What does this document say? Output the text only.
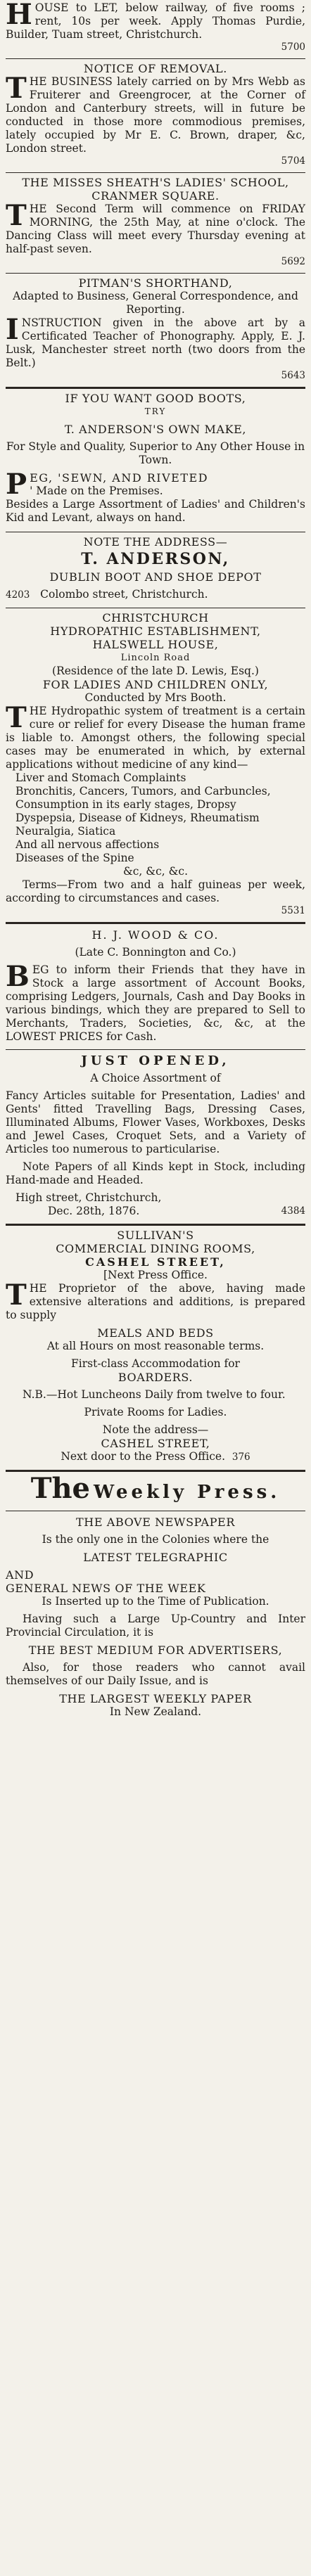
H OUSE to LET, below railway, of five rooms ; rent, 10s per week. Apply Thomas Purdie, Builder, Tuam street, Christchurch.

5700

NOTICE OF REMOVAL.

T HE BUSINESS lately carried on by Mrs Webb as Fruiterer and Greengrocer, at the Corner of London and Canterbury streets, will in future be conducted in those more commodious premises, lately occupied by Mr E. C. Brown, draper, &c, London street.

5704

THE MISSES SHEATH'S LADIES' SCHOOL, CRANMER SQUARE.

T HE Second Term will commence on FRIDAY MORNING, the 25th May, at nine o'clock. The Dancing Class will meet every Thursday evening at half-past seven.

5692

PITMAN'S SHORTHAND,

Adapted to Business, General Correspondence, and Reporting.

I NSTRUCTION given in the above art by a Certificated Teacher of Phonography. Apply, E. J. Lusk, Manchester street north (two doors from the Belt.)

5643

IF YOU WANT GOOD BOOTS,

TRY

T. ANDERSON'S OWN MAKE,

For Style and Quality, Superior to Any Other House in Town.

P EG, 'SEWN, AND RIVETED

' Made on the Premises.

Besides a Large Assortment of Ladies' and Children's Kid and Levant, always on hand.

NOTE THE ADDRESS—

T. ANDERSON,

DUBLIN BOOT AND SHOE DEPOT

4203 Colombo street, Christchurch.

CHRISTCHURCH

HYDROPATHIC ESTABLISHMENT,

HALSWELL HOUSE,

Lincoln Road

(Residence of the late D. Lewis, Esq.)

FOR LADIES AND CHILDREN ONLY,

Conducted by Mrs Booth.

T HE Hydropathic system of treatment is a certain cure or relief for every Disease the human frame is liable to. Amongst others, the following special cases may be enumerated in which, by external applications without medicine of any kind—

Liver and Stomach Complaints

Bronchitis, Cancers, Tumors, and Carbuncles,

Consumption in its early stages, Dropsy

Dyspepsia, Disease of Kidneys, Rheumatism

Neuralgia, Siatica

And all nervous affections

Diseases of the Spine

&c, &c, &c.

Terms—From two and a half guineas per week, according to circumstances and cases.

5531

H. J. WOOD & CO.

(Late C. Bonnington and Co.)

B EG to inform their Friends that they have in Stock a large assortment of Account Books, comprising Ledgers, Journals, Cash and Day Books in various bindings, which they are prepared to Sell to Merchants, Traders, Societies, &c, &c, at the LOWEST PRICES for Cash.

JUST OPENED,

A Choice Assortment of

Fancy Articles suitable for Presentation, Ladies' and Gents' fitted Travelling Bags, Dressing Cases, Illuminated Albums, Flower Vases, Workboxes, Desks and Jewel Cases, Croquet Sets, and a Variety of Articles too numerous to particularise.

Note Papers of all Kinds kept in Stock, including Hand-made and Headed.

High street, Christchurch,

Dec. 28th, 1876.	4384

SULLIVAN'S

COMMERCIAL DINING ROOMS,

CASHEL STREET,

[Next Press Office.

T HE Proprietor of the above, having made extensive alterations and additions, is prepared to supply

MEALS AND BEDS

At all Hours on most reasonable terms.

First-class Accommodation for

BOARDERS.

N.B.—Hot Luncheons Daily from twelve to four.

Private Rooms for Ladies.

Note the address—

CASHEL STREET,

Next door to the Press Office. 376

The Weekly Press.

THE ABOVE NEWSPAPER

Is the only one in the Colonies where the

LATEST TELEGRAPHIC

AND

GENERAL NEWS OF THE WEEK

Is Inserted up to the Time of Publication.

Having such a Large Up-Country and Inter Provincial Circulation, it is

THE BEST MEDIUM FOR ADVERTISERS,

Also, for those readers who cannot avail themselves of our Daily Issue, and is

THE LARGEST WEEKLY PAPER

In New Zealand.
